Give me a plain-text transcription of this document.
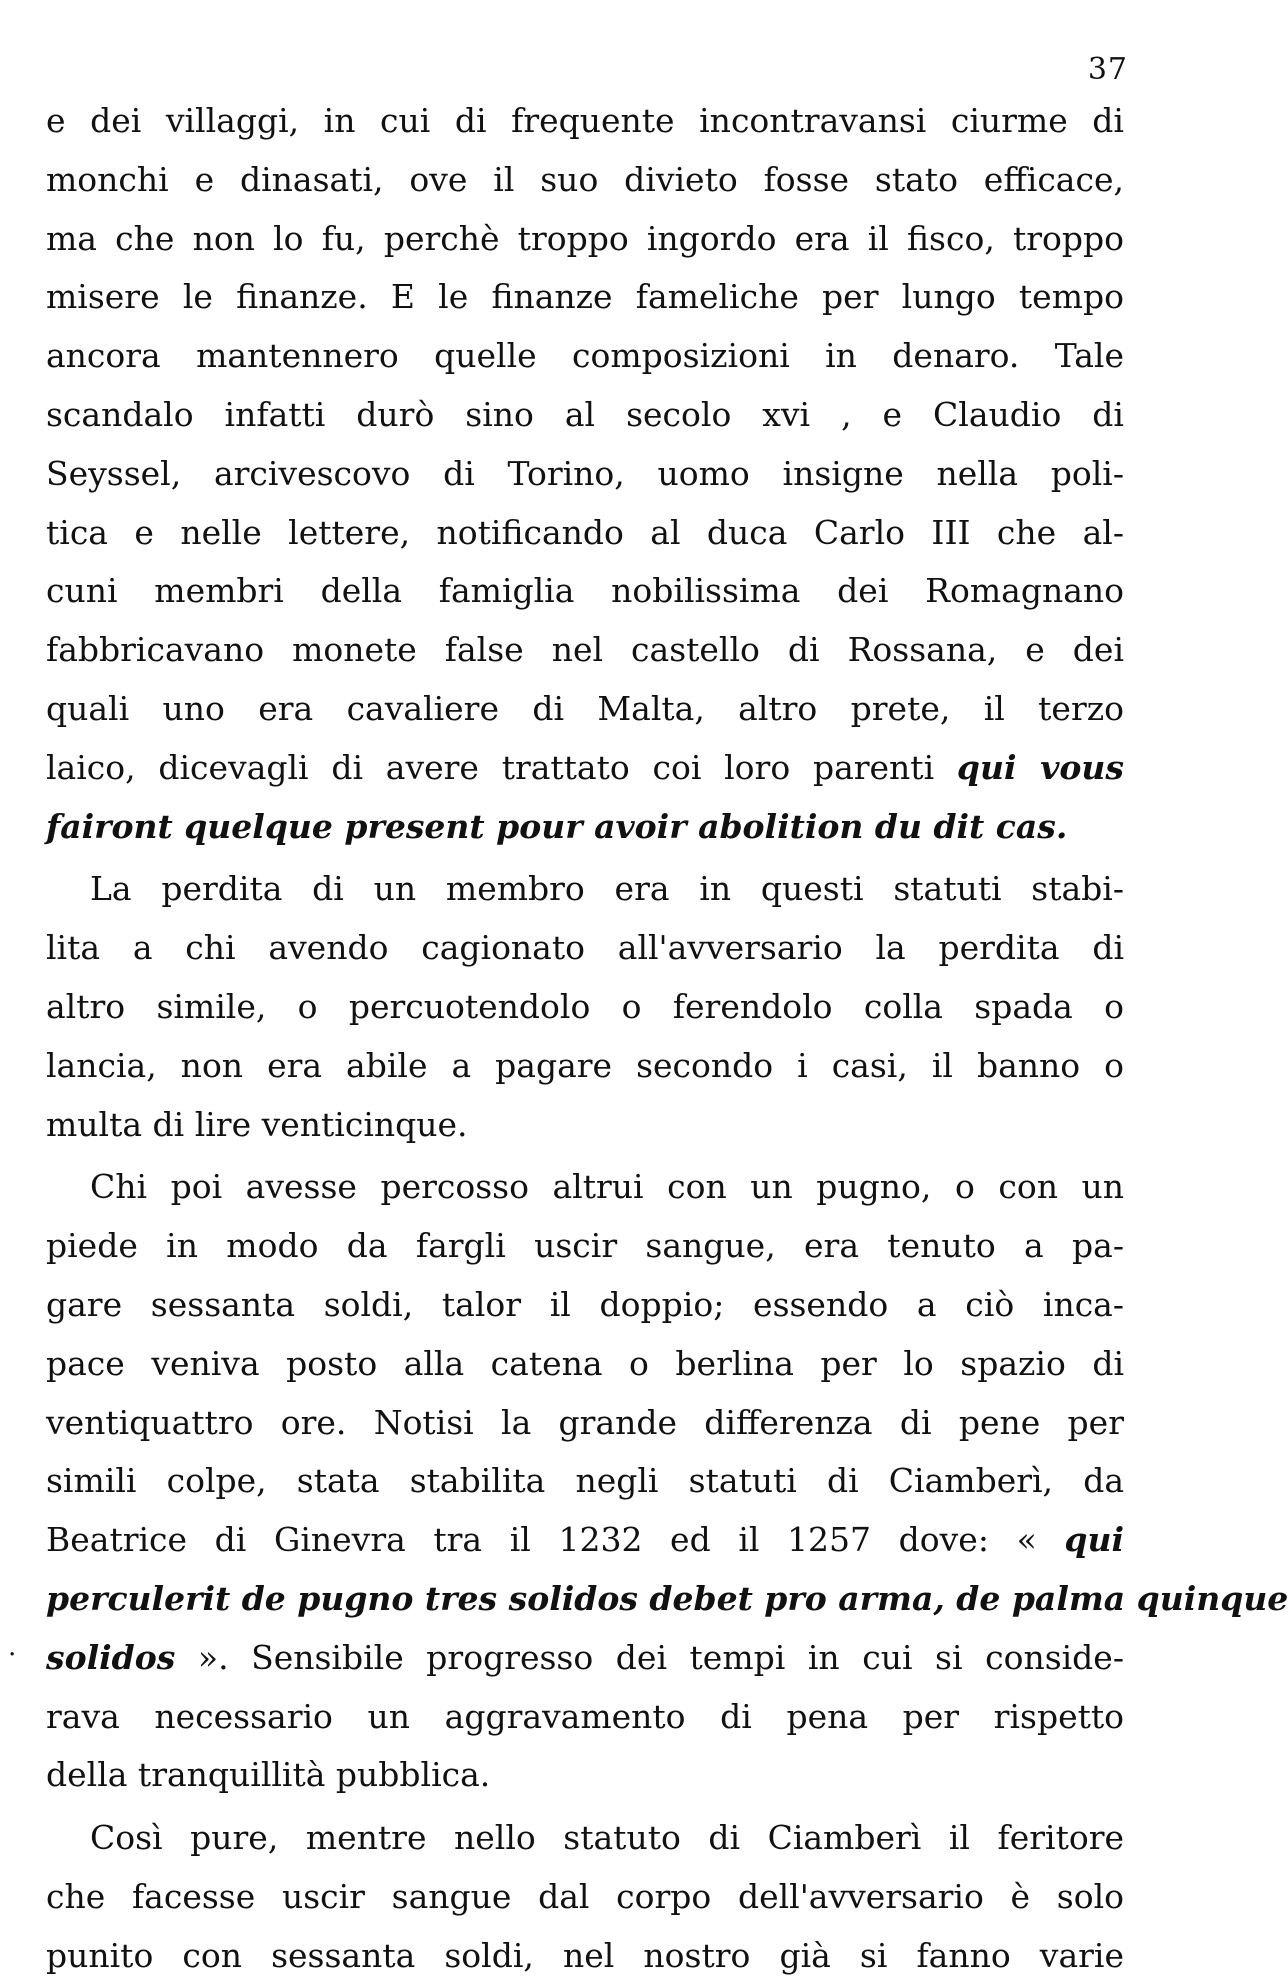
37
.
e dei villaggi, in cui di frequente incontravansi ciurme di
monchi e dinasati, ove il suo divieto fosse stato efficace,
ma che non lo fu, perchè troppo ingordo era il fisco, troppo
misere le finanze. E le finanze fameliche per lungo tempo
ancora mantennero quelle composizioni in denaro. Tale
scandalo infatti durò sino al secolo xvi , e Claudio di
Seyssel, arcivescovo di Torino, uomo insigne nella poli-
tica e nelle lettere, notificando al duca Carlo III che al-
cuni membri della famiglia nobilissima dei Romagnano
fabbricavano monete false nel castello di Rossana, e dei
quali uno era cavaliere di Malta, altro prete, il terzo
laico, dicevagli di avere trattato coi loro parenti qui vous
fairont quelque present pour avoir abolition du dit cas.
La perdita di un membro era in questi statuti stabi-
lita a chi avendo cagionato all'avversario la perdita di
altro simile, o percuotendolo o ferendolo colla spada o
lancia, non era abile a pagare secondo i casi, il banno o
multa di lire venticinque.
Chi poi avesse percosso altrui con un pugno, o con un
piede in modo da fargli uscir sangue, era tenuto a pa-
gare sessanta soldi, talor il doppio; essendo a ciò inca-
pace veniva posto alla catena o berlina per lo spazio di
ventiquattro ore. Notisi la grande differenza di pene per
simili colpe, stata stabilita negli statuti di Ciamberì, da
Beatrice di Ginevra tra il 1232 ed il 1257 dove: « qui
perculerit de pugno tres solidos debet pro arma, de palma quinque
solidos ». Sensibile progresso dei tempi in cui si conside-
rava necessario un aggravamento di pena per rispetto
della tranquillità pubblica.
Così pure, mentre nello statuto di Ciamberì il feritore
che facesse uscir sangue dal corpo dell'avversario è solo
punito con sessanta soldi, nel nostro già si fanno varie
